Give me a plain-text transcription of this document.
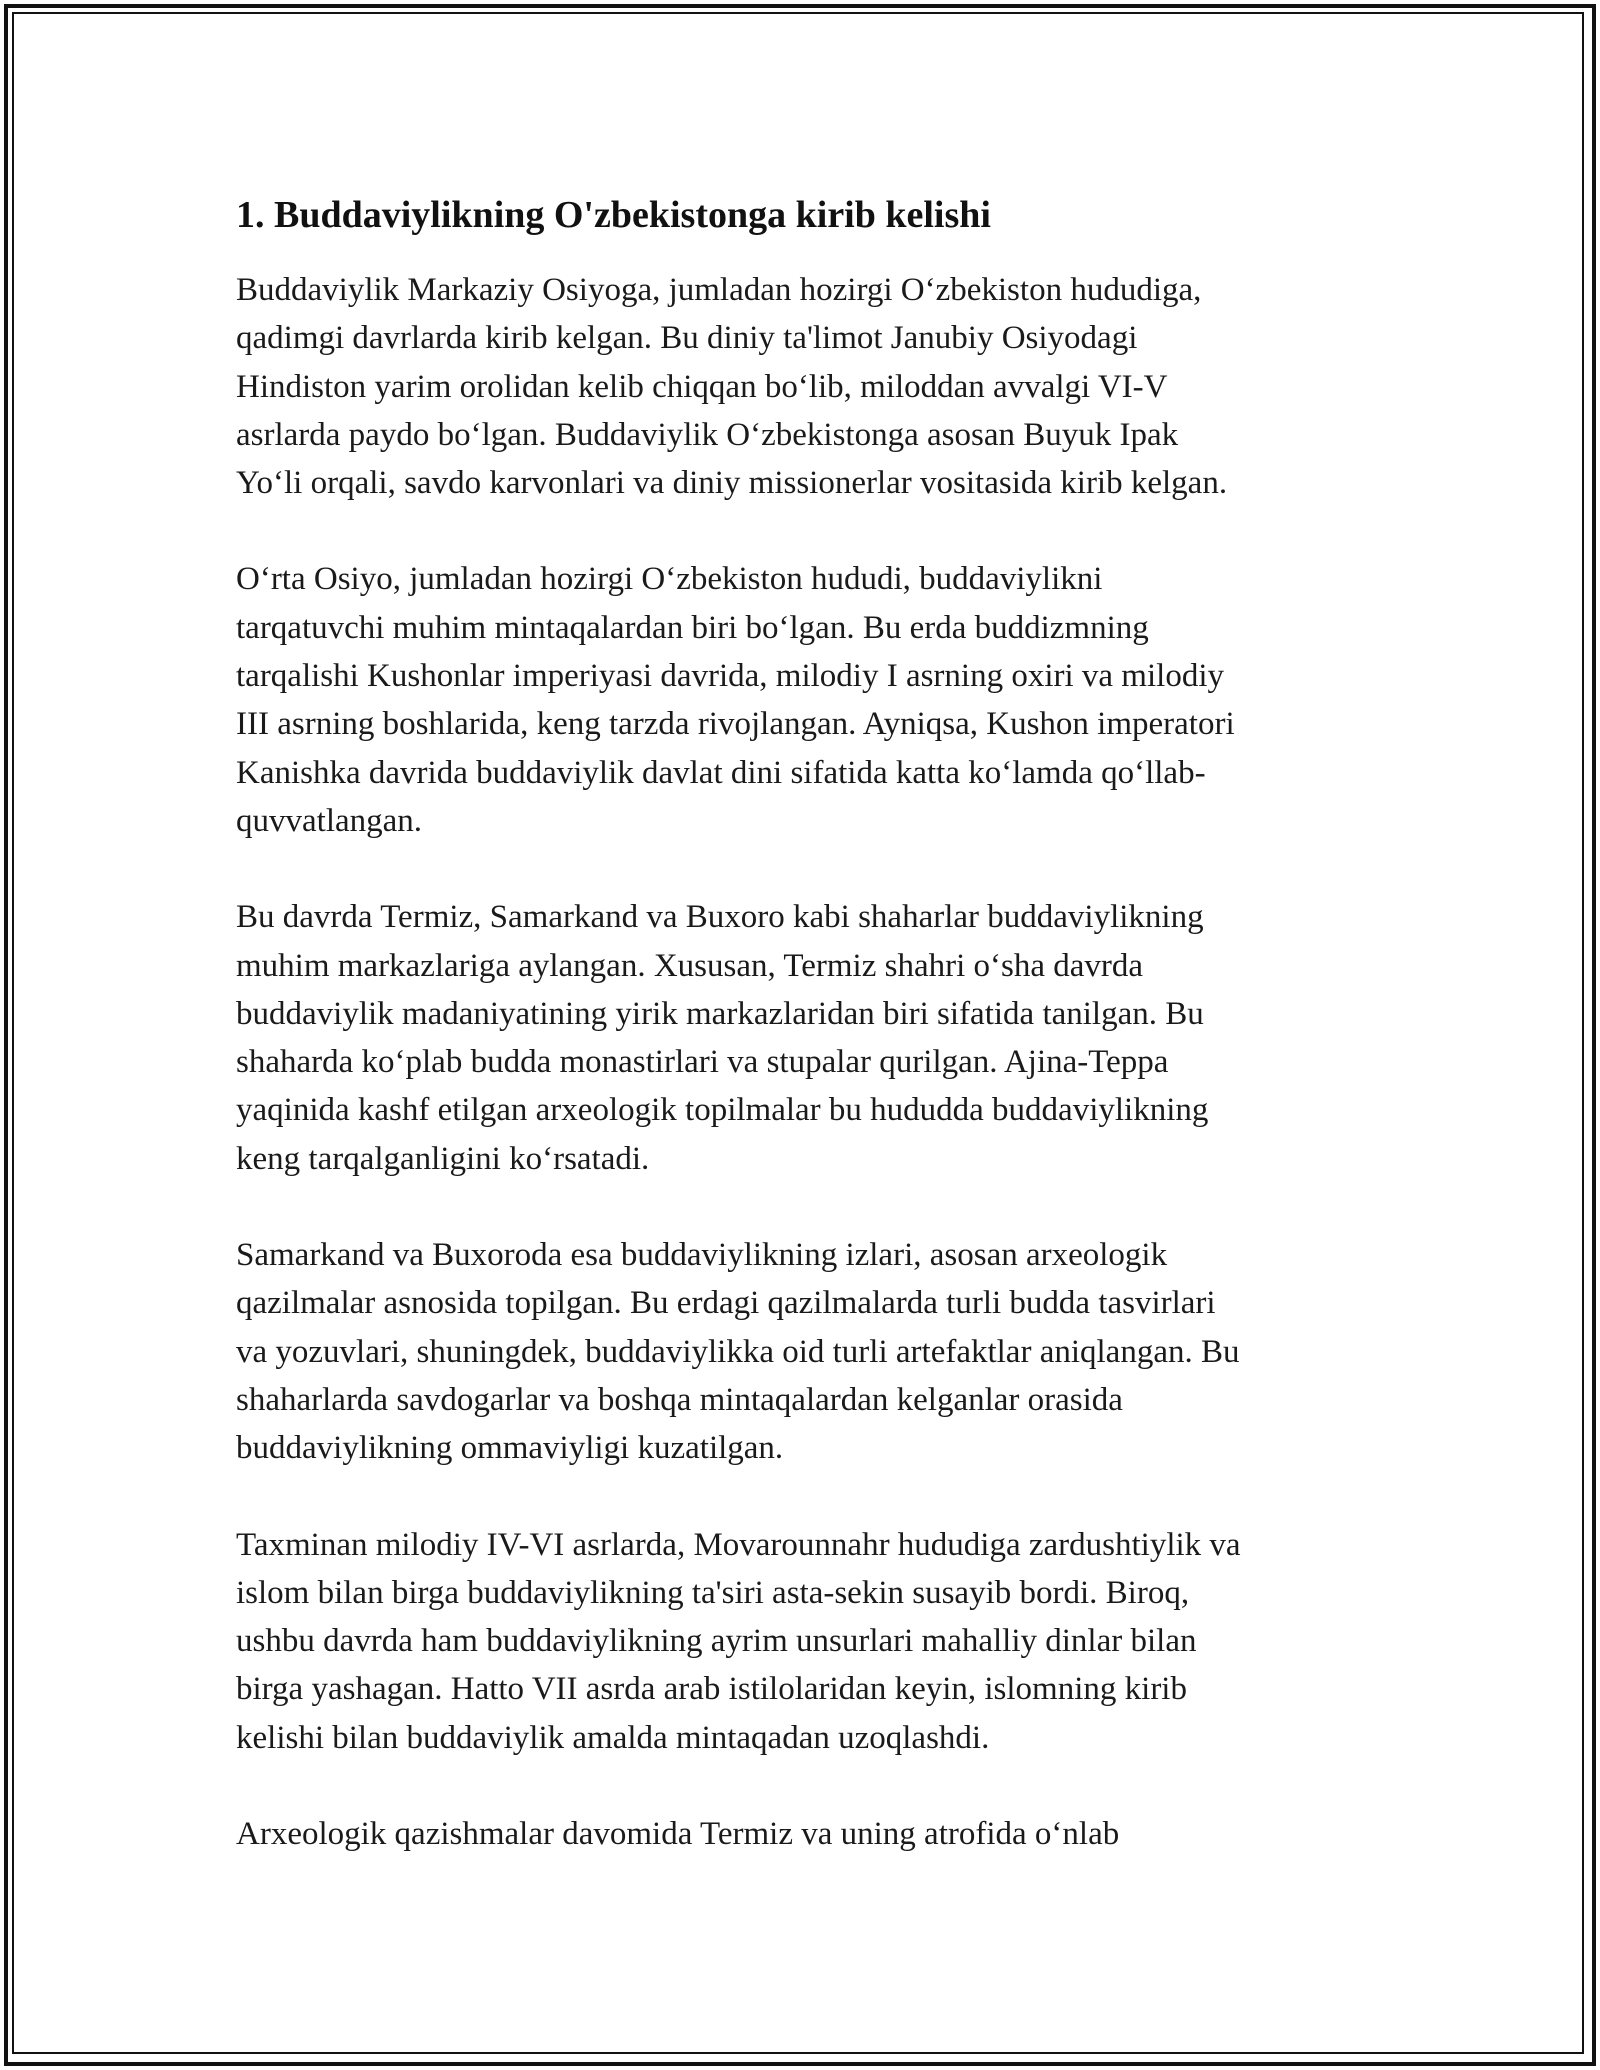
1. Buddaviylikning O'zbekistonga kirib kelishi

Buddaviylik Markaziy Osiyoga, jumladan hozirgi O‘zbekiston hududiga,
qadimgi davrlarda kirib kelgan. Bu diniy ta'limot Janubiy Osiyodagi
Hindiston yarim orolidan kelib chiqqan bo‘lib, miloddan avvalgi VI-V
asrlarda paydo bo‘lgan. Buddaviylik O‘zbekistonga asosan Buyuk Ipak
Yo‘li orqali, savdo karvonlari va diniy missionerlar vositasida kirib kelgan.

O‘rta Osiyo, jumladan hozirgi O‘zbekiston hududi, buddaviylikni
tarqatuvchi muhim mintaqalardan biri bo‘lgan. Bu erda buddizmning
tarqalishi Kushonlar imperiyasi davrida, milodiy I asrning oxiri va milodiy
III asrning boshlarida, keng tarzda rivojlangan. Ayniqsa, Kushon imperatori
Kanishka davrida buddaviylik davlat dini sifatida katta ko‘lamda qo‘llab-
quvvatlangan.

Bu davrda Termiz, Samarkand va Buxoro kabi shaharlar buddaviylikning
muhim markazlariga aylangan. Xususan, Termiz shahri o‘sha davrda
buddaviylik madaniyatining yirik markazlaridan biri sifatida tanilgan. Bu
shaharda ko‘plab budda monastirlari va stupalar qurilgan. Ajina-Teppa
yaqinida kashf etilgan arxeologik topilmalar bu hududda buddaviylikning
keng tarqalganligini ko‘rsatadi.

Samarkand va Buxoroda esa buddaviylikning izlari, asosan arxeologik
qazilmalar asnosida topilgan. Bu erdagi qazilmalarda turli budda tasvirlari
va yozuvlari, shuningdek, buddaviylikka oid turli artefaktlar aniqlangan. Bu
shaharlarda savdogarlar va boshqa mintaqalardan kelganlar orasida
buddaviylikning ommaviyligi kuzatilgan.

Taxminan milodiy IV-VI asrlarda, Movarounnahr hududiga zardushtiylik va
islom bilan birga buddaviylikning ta'siri asta-sekin susayib bordi. Biroq,
ushbu davrda ham buddaviylikning ayrim unsurlari mahalliy dinlar bilan
birga yashagan. Hatto VII asrda arab istilolaridan keyin, islomning kirib
kelishi bilan buddaviylik amalda mintaqadan uzoqlashdi.

Arxeologik qazishmalar davomida Termiz va uning atrofida o‘nlab
